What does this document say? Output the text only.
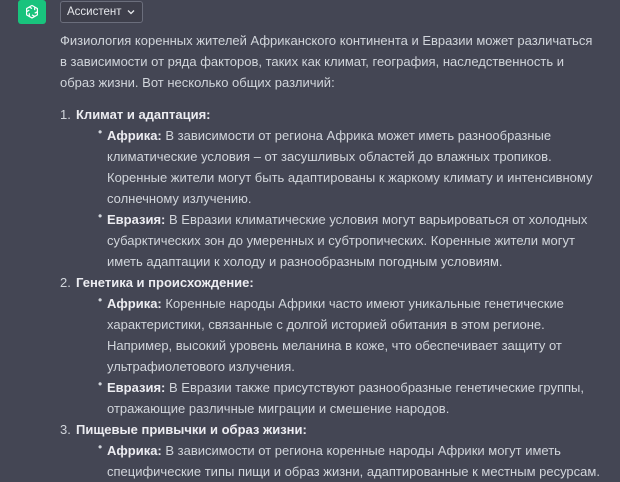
Ассистент

Физиология коренных жителей Африканского континента и Евразии может различаться в зависимости от ряда факторов, таких как климат, география, наследственность и образ жизни. Вот несколько общих различий:

1. Климат и адаптация:
• Африка: В зависимости от региона Африка может иметь разнообразные климатические условия – от засушливых областей до влажных тропиков. Коренные жители могут быть адаптированы к жаркому климату и интенсивному солнечному излучению.
• Евразия: В Евразии климатические условия могут варьироваться от холодных субарктических зон до умеренных и субтропических. Коренные жители могут иметь адаптации к холоду и разнообразным погодным условиям.
2. Генетика и происхождение:
• Африка: Коренные народы Африки часто имеют уникальные генетические характеристики, связанные с долгой историей обитания в этом регионе. Например, высокий уровень меланина в коже, что обеспечивает защиту от ультрафиолетового излучения.
• Евразия: В Евразии также присутствуют разнообразные генетические группы, отражающие различные миграции и смешение народов.
3. Пищевые привычки и образ жизни:
• Африка: В зависимости от региона коренные народы Африки могут иметь специфические типы пищи и образ жизни, адаптированные к местным ресурсам.
